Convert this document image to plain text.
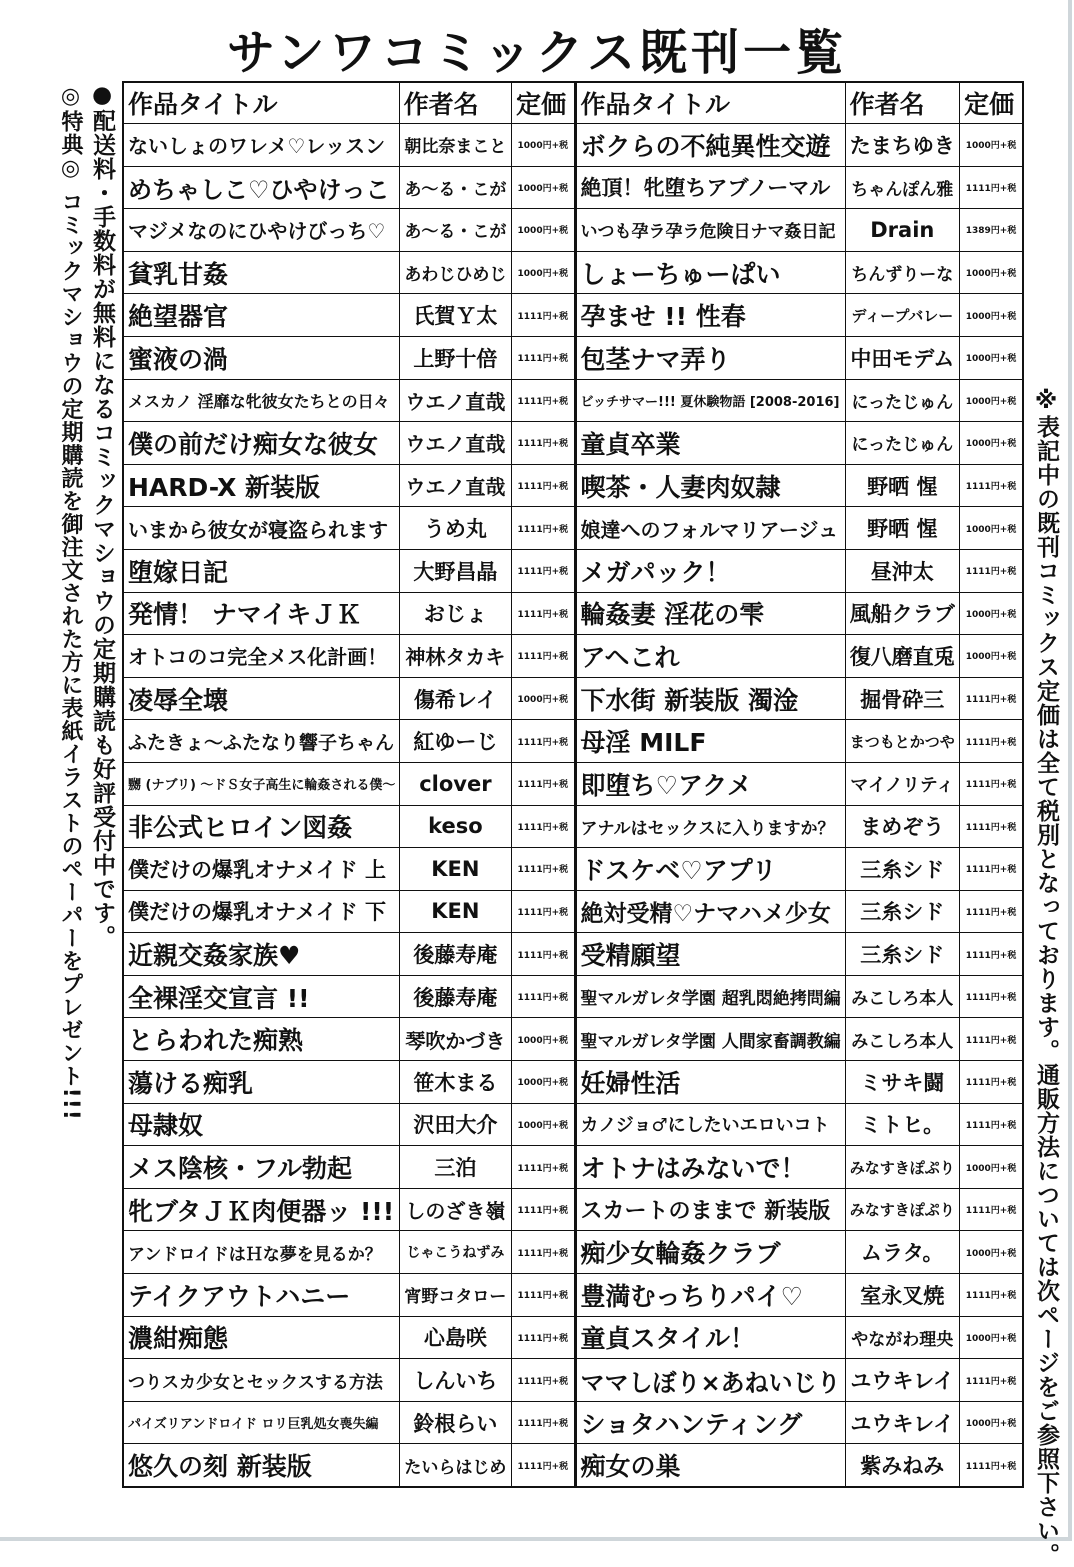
サンワコミックス既刊一覧
●配送料・手数料が無料になるコミックマショウの定期購読も好評受付中です。
◎特典◎ コミックマショウの定期購読を御注文された方に表紙イラストのペーパーをプレゼント!!!	※表記中の既刊コミックス定価は全て税別となっております。通販方法については次ページをご参照下さい。
作品タイトル	作者名	定価	作品タイトル	作者名	定価
ないしょのワレメ♡レッスン	朝比奈まこと	1000円+税	ボクらの不純異性交遊	たまちゆき	1000円+税
めちゃしこ♡ひやけっこ	あ～る・こが	1000円+税	絶頂！牝堕ちアブノーマル	ちゃんぽん雅	1111円+税
マジメなのにひやけびっち♡	あ～る・こが	1000円+税	いつも孕ラ孕ラ危険日ナマ姦日記	Drain	1389円+税
貧乳甘姦	あわじひめじ	1000円+税	しょーちゅーぱい	ちんずりーな	1000円+税
絶望器官	氏賀Ｙ太	1111円+税	孕ませ !! 性春	ディープバレー	1000円+税
蜜液の渦	上野十倍	1111円+税	包茎ナマ弄り	中田モデム	1000円+税
メスカノ 淫靡な牝彼女たちとの日々	ウエノ直哉	1111円+税	ビッチサマー!!! 夏休験物語 [2008-2016]	にったじゅん	1000円+税
僕の前だけ痴女な彼女	ウエノ直哉	1111円+税	童貞卒業	にったじゅん	1000円+税
HARD-X 新装版	ウエノ直哉	1111円+税	喫茶・人妻肉奴隷	野晒 惺	1111円+税
いまから彼女が寝盗られます	うめ丸	1111円+税	娘達へのフォルマリアージュ	野晒 惺	1000円+税
堕嫁日記	大野昌晶	1111円+税	メガパック！	昼沖太	1111円+税
発情！ ナマイキＪＫ	おじょ	1111円+税	輪姦妻 淫花の雫	風船クラブ	1000円+税
オトコのコ完全メス化計画！	神林タカキ	1111円+税	アヘこれ	復八磨直兎	1000円+税
凌辱全壊	傷希レイ	1000円+税	下水街 新装版 濁淦	掘骨砕三	1111円+税
ふたきょ～ふたなり響子ちゃん	紅ゆーじ	1111円+税	母淫 MILF	まつもとかつや	1111円+税
嬲 (ナブリ) ～ドＳ女子高生に輪姦される僕～	clover	1111円+税	即堕ち♡アクメ	マイノリティ	1111円+税
非公式ヒロイン図姦	keso	1111円+税	アナルはセックスに入りますか？	まめぞう	1111円+税
僕だけの爆乳オナメイド 上	KEN	1111円+税	ドスケベ♡アプリ	三糸シド	1111円+税
僕だけの爆乳オナメイド 下	KEN	1111円+税	絶対受精♡ナマハメ少女	三糸シド	1111円+税
近親交姦家族♥	後藤寿庵	1111円+税	受精願望	三糸シド	1111円+税
全裸淫交宣言 !!	後藤寿庵	1111円+税	聖マルガレタ学園 超乳悶絶拷問編	みこしろ本人	1111円+税
とらわれた痴熟	琴吹かづき	1000円+税	聖マルガレタ学園 人間家畜調教編	みこしろ本人	1111円+税
蕩ける痴乳	笹木まる	1000円+税	妊婦性活	ミサキ闘	1111円+税
母隷奴	沢田大介	1000円+税	カノジョ♂にしたいエロいコト	ミトヒ。	1111円+税
メス陰核・フル勃起	三泊	1111円+税	オトナはみないで！	みなすきぽぷり	1000円+税
牝ブタＪＫ肉便器ッ !!!	しのざき嶺	1111円+税	スカートのままで 新装版	みなすきぽぷり	1111円+税
アンドロイドはＨな夢を見るか？	じゃこうねずみ	1111円+税	痴少女輪姦クラブ	ムラタ。	1000円+税
テイクアウトハニー	宵野コタロー	1111円+税	豊満むっちりパイ♡	室永叉焼	1111円+税
濃紺痴態	心島咲	1111円+税	童貞スタイル！	やながわ理央	1000円+税
つりスカ少女とセックスする方法	しんいち	1111円+税	ママしぼり×あねいじり	ユウキレイ	1111円+税
パイズリアンドロイド ロリ巨乳処女喪失編	鈴根らい	1111円+税	ショタハンティング	ユウキレイ	1000円+税
悠久の刻 新装版	たいらはじめ	1111円+税	痴女の巣	紫みねみ	1111円+税
